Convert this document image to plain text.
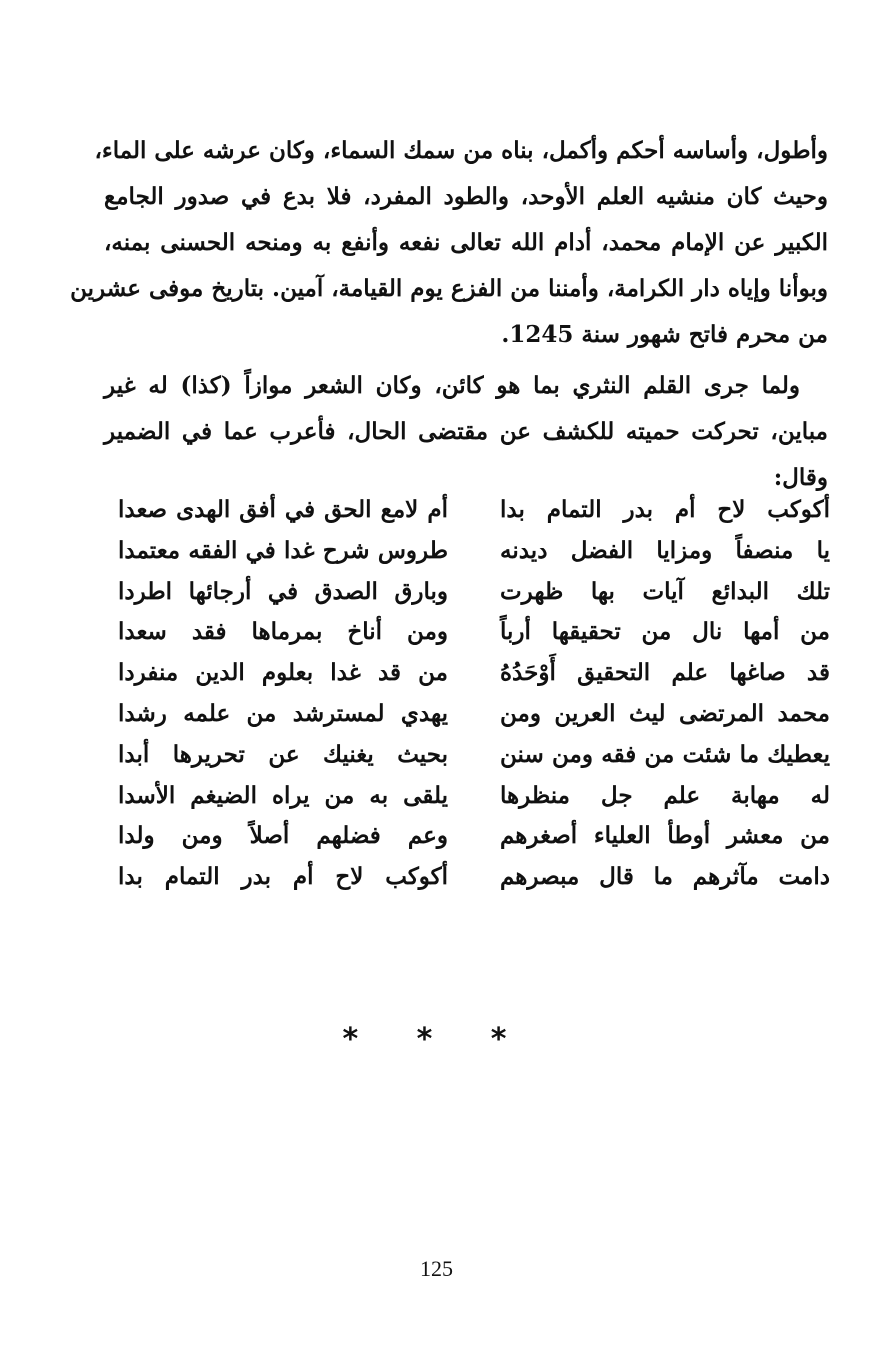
وأطول، وأساسه أحكم وأكمل، بناه من سمك السماء، وكان عرشه على الماء،
وحيث كان منشيه العلم الأوحد، والطود المفرد، فلا بدع في صدور الجامع
الكبير عن الإمام محمد، أدام الله تعالى نفعه وأنفع به ومنحه الحسنى بمنه،
وبوأنا وإياه دار الكرامة، وأمننا من الفزع يوم القيامة، آمين. بتاريخ موفى عشرين
من محرم فاتح شهور سنة 1245.

ولما جرى القلم النثري بما هو كائن، وكان الشعر موازاً (كذا) له غير
مباين، تحركت حميته للكشف عن مقتضى الحال، فأعرب عما في الضمير
وقال:

أكوكب لاح أم بدر التمام بدا
أم لامع الحق في أفق الهدى صعدا
يا منصفاً ومزايا الفضل ديدنه
طروس شرح غدا في الفقه معتمدا
تلك البدائع آيات بها ظهرت
وبارق الصدق في أرجائها اطردا
من أمها نال من تحقيقها أرباً
ومن أناخ بمرماها فقد سعدا
قد صاغها علم التحقيق أَوْحَدُهُ
من قد غدا بعلوم الدين منفردا
محمد المرتضى ليث العرين ومن
يهدي لمسترشد من علمه رشدا
يعطيك ما شئت من فقه ومن سنن
بحيث يغنيك عن تحريرها أبدا
له مهابة علم جل منظرها
يلقى به من يراه الضيغم الأسدا
من معشر أوطأ العلياء أصغرهم
وعم فضلهم أصلاً ومن ولدا
دامت مآثرهم ما قال مبصرهم
أكوكب لاح أم بدر التمام بدا
* * *
125
